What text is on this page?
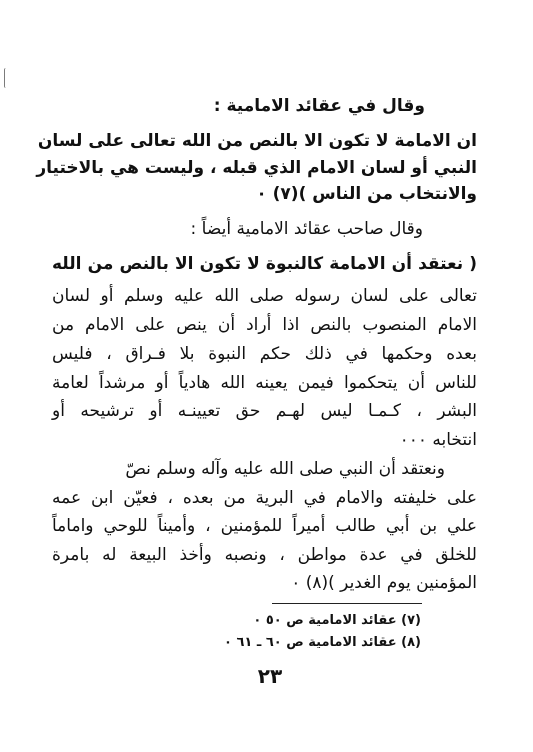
وقال في عقائد الامامية :
ان الامامة لا تكون الا بالنص من الله تعالى على لسان
النبي أو لسان الامام الذي قبله ، وليست هي بالاختيار
والانتخاب من الناس )(٧) ٠
وقال صاحب عقائد الامامية أيضاً :
( نعتقد أن الامامة كالنبوة لا تكون الا بالنص من الله
تعالى على لسان رسوله صلى الله عليه وسلم أو لسان
الامام المنصوب بالنص اذا أراد أن ينص على الامام من
بعده وحكمها في ذلك حكم النبوة بلا فـراق ، فليس
للناس أن يتحكموا فيمن يعينه الله هادياً أو مرشداً لعامة
البشر ، كـمـا ليس لهـم حق تعيينـه أو ترشيحه أو
انتخابه ٠٠٠
ونعتقد أن النبي صلى الله عليه وآله وسلم نصّ
على خليفته والامام في البرية من بعده ، فعيّن ابن عمه
علي بن أبي طالب أميراً للمؤمنين ، وأميناً للوحي واماماً
للخلق في عدة مواطن ، ونصبه وأخذ البيعة له بامرة
المؤمنين يوم الغدير )(٨) ٠
(٧) عقائد الامامية ص ٥٠ ٠
(٨) عقائد الامامية ص ٦٠ ـ ٦١ ٠
٢٣
